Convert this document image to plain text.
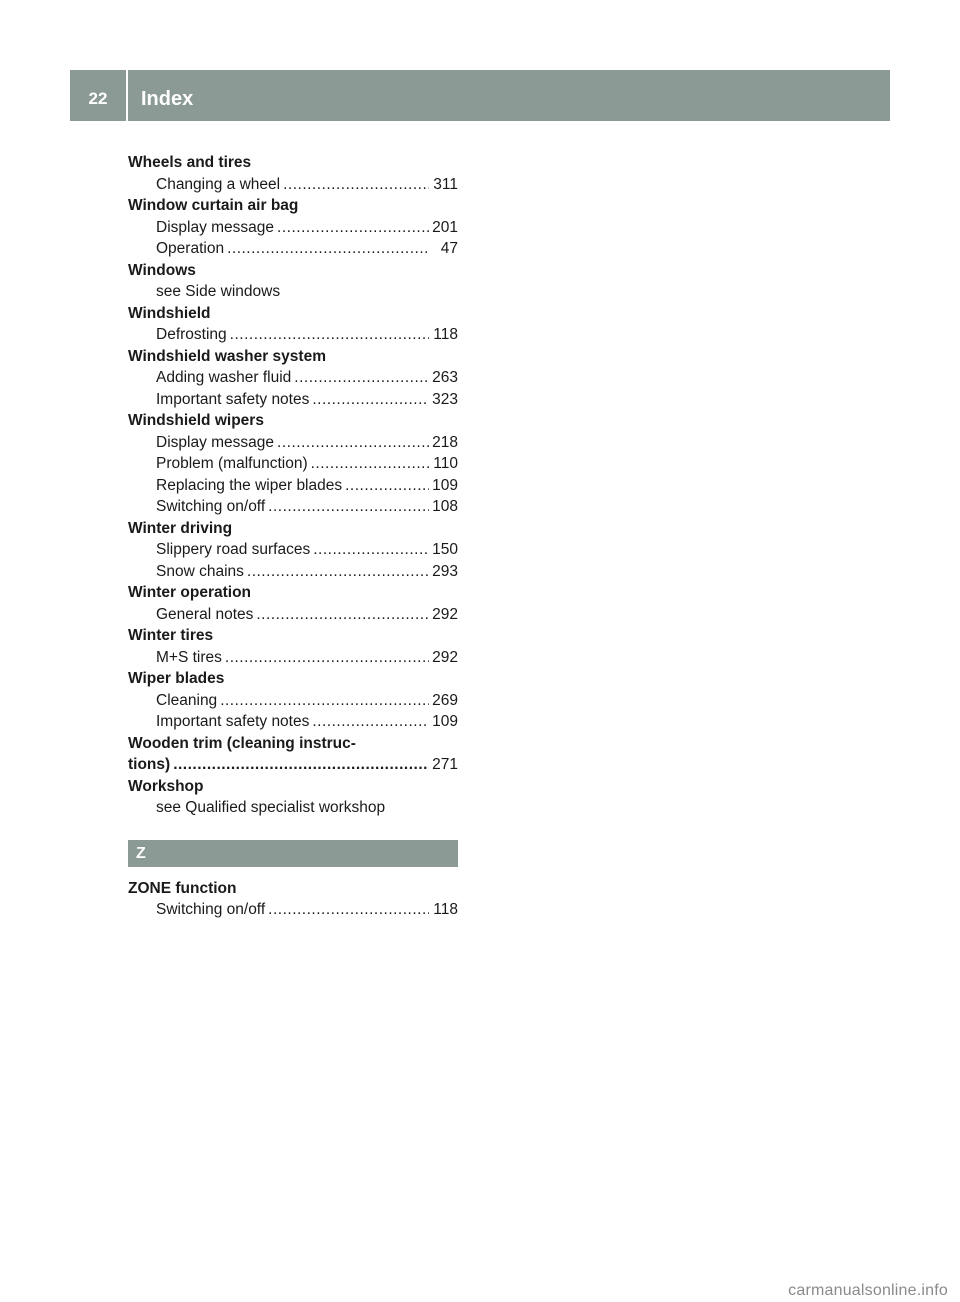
22	Index
Wheels and tires
Changing a wheel .....	311
Window curtain air bag
Display message .....	201
Operation .....	47
Windows
see Side windows
Windshield
Defrosting .....	118
Windshield washer system
Adding washer fluid .....	263
Important safety notes .....	323
Windshield wipers
Display message .....	218
Problem (malfunction) .....	110
Replacing the wiper blades .....	109
Switching on/off .....	108
Winter driving
Slippery road surfaces .....	150
Snow chains .....	293
Winter operation
General notes .....	292
Winter tires
M+S tires .....	292
Wiper blades
Cleaning .....	269
Important safety notes .....	109
Wooden trim (cleaning instruc-
tions) .....	271
Workshop
see Qualified specialist workshop
Z
ZONE function
Switching on/off .....	118
carmanualsonline.info
